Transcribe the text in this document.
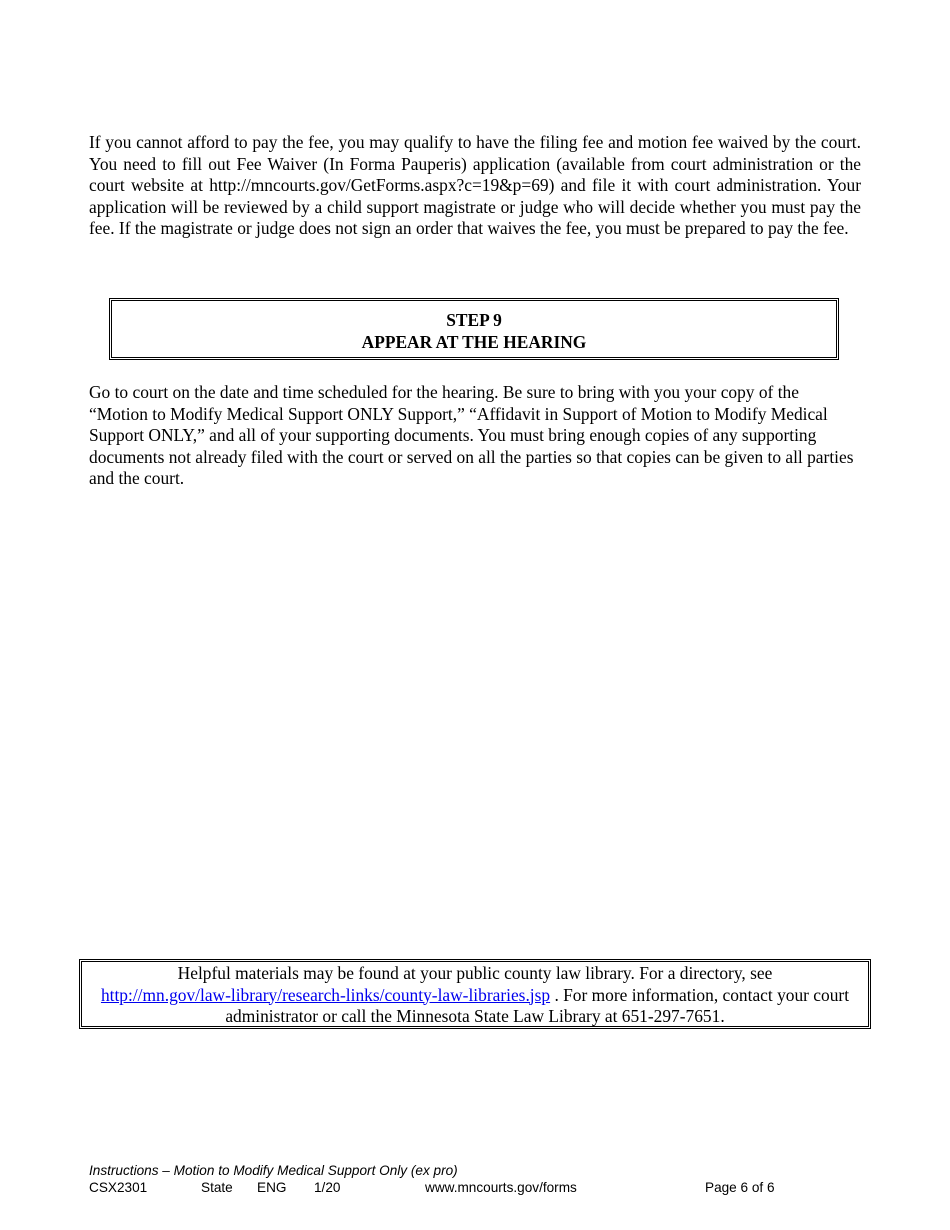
If you cannot afford to pay the fee, you may qualify to have the filing fee and motion fee waived by the court. You need to fill out Fee Waiver (In Forma Pauperis) application (available from court administration or the court website at http://mncourts.gov/GetForms.aspx?c=19&p=69) and file it with court administration. Your application will be reviewed by a child support magistrate or judge who will decide whether you must pay the fee. If the magistrate or judge does not sign an order that waives the fee, you must be prepared to pay the fee.

STEP 9
APPEAR AT THE HEARING

Go to court on the date and time scheduled for the hearing. Be sure to bring with you your copy of the “Motion to Modify Medical Support ONLY Support,” “Affidavit in Support of Motion to Modify Medical Support ONLY,” and all of your supporting documents. You must bring enough copies of any supporting documents not already filed with the court or served on all the parties so that copies can be given to all parties and the court.

Helpful materials may be found at your public county law library. For a directory, see
http://mn.gov/law-library/research-links/county-law-libraries.jsp . For more information, contact your court administrator or call the Minnesota State Law Library at 651-297-7651.
Instructions – Motion to Modify Medical Support Only (ex pro)
CSX2301	State ENG 1/20	www.mncourts.gov/forms	Page 6 of 6
